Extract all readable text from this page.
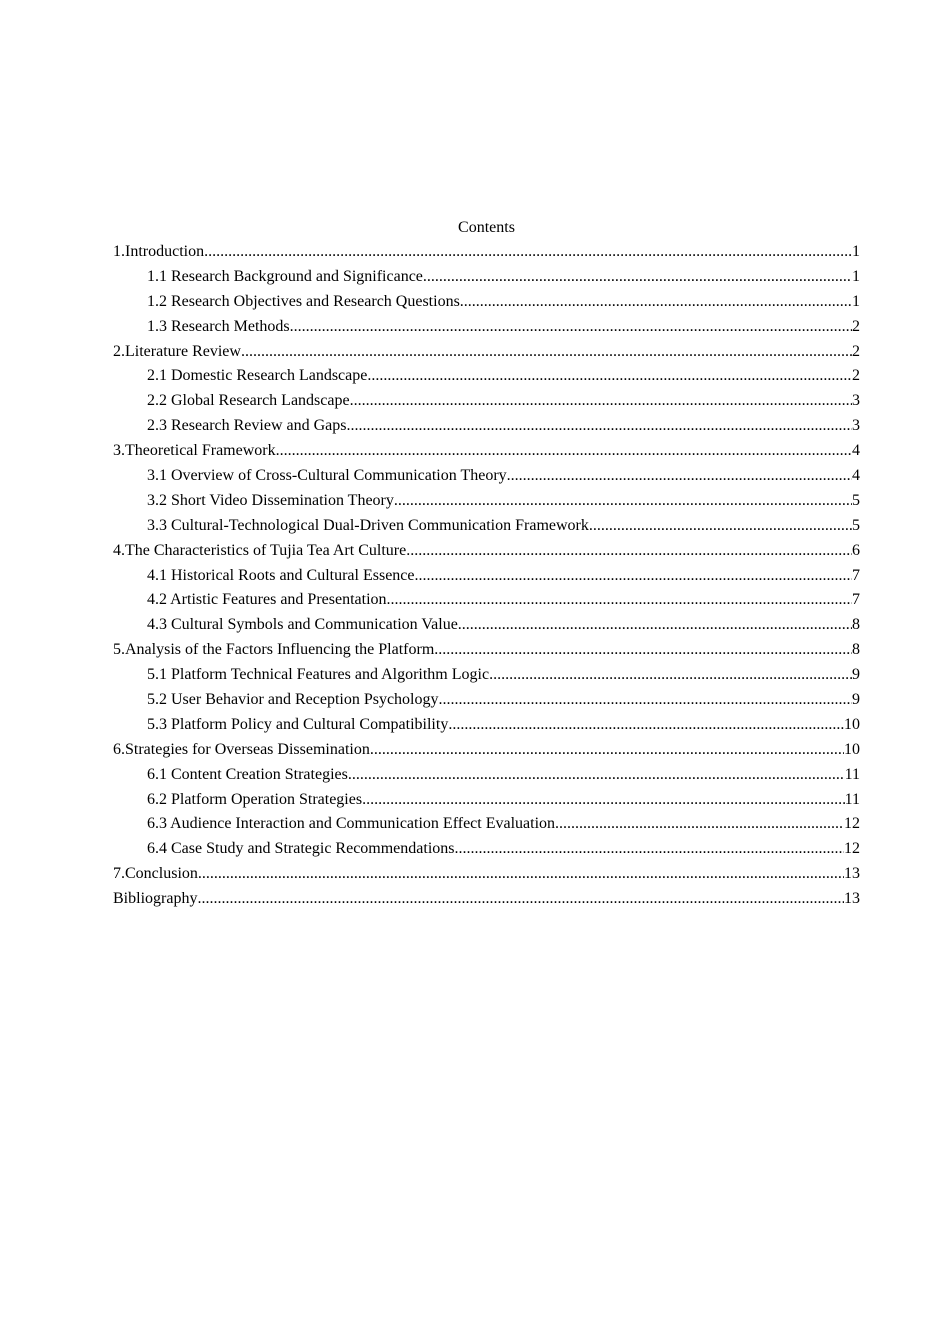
Contents
1.Introduction .....	1
1.1 Research Background and Significance .....	1
1.2 Research Objectives and Research Questions .....	1
1.3 Research Methods .....	2
2.Literature Review .....	2
2.1 Domestic Research Landscape .....	2
2.2 Global Research Landscape .....	3
2.3 Research Review and Gaps .....	3
3.Theoretical Framework .....	4
3.1 Overview of Cross-Cultural Communication Theory .....	4
3.2 Short Video Dissemination Theory .....	5
3.3 Cultural-Technological Dual-Driven Communication Framework .....	5
4.The Characteristics of Tujia Tea Art Culture .....	6
4.1 Historical Roots and Cultural Essence .....	7
4.2 Artistic Features and Presentation .....	7
4.3 Cultural Symbols and Communication Value .....	8
5.Analysis of the Factors Influencing the Platform .....	8
5.1 Platform Technical Features and Algorithm Logic .....	9
5.2 User Behavior and Reception Psychology .....	9
5.3 Platform Policy and Cultural Compatibility .....	10
6.Strategies for Overseas Dissemination .....	10
6.1 Content Creation Strategies .....	11
6.2 Platform Operation Strategies .....	11
6.3 Audience Interaction and Communication Effect Evaluation .....	12
6.4 Case Study and Strategic Recommendations .....	12
7.Conclusion .....	13
Bibliography .....	13
